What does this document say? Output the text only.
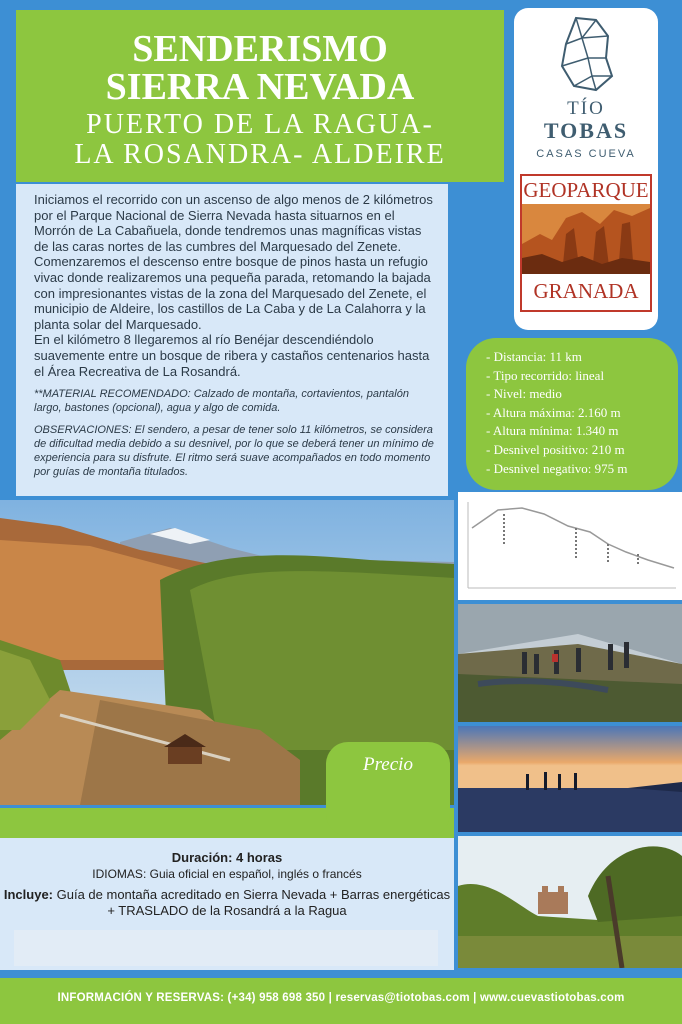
SENDERISMO
SIERRA NEVADA
PUERTO DE LA RAGUA-
LA ROSANDRA- ALDEIRE
TÍO
TOBAS
CASAS CUEVA
GEOPARQUE
GRANADA

Iniciamos el recorrido con un ascenso de algo menos de 2 kilómetros por el Parque Nacional de Sierra Nevada hasta situarnos en el Morrón de La Cabañuela, donde tendremos unas magníficas vistas de las caras nortes de las cumbres del Marquesado del Zenete. Comenzaremos el descenso entre bosque de pinos hasta un refugio vivac donde realizaremos una pequeña parada, retomando la bajada con impresionantes vistas de la zona del Marquesado del Zenete, el municipio de Aldeire, los castillos de La Caba y de La Calahorra y la planta solar del Marquesado.
En el kilómetro 8 llegaremos al río Benéjar descendiéndolo suavemente entre un bosque de ribera y castaños centenarios hasta el Área Recreativa de La Rosandrá.

**MATERIAL RECOMENDADO: Calzado de montaña, cortavientos, pantalón largo, bastones (opcional), agua y algo de comida.

OBSERVACIONES: El sendero, a pesar de tener solo 11 kilómetros, se considera de dificultad media debido a su desnivel, por lo que se deberá tener un mínimo de experiencia para su disfrute. El ritmo será suave acompañados en todo momento por guías de montaña titulados.

- Distancia: 11 km
- Tipo recorrido: lineal
- Nivel: medio
- Altura máxima: 2.160 m
- Altura mínima: 1.340 m
- Desnivel positivo: 210 m
- Desnivel negativo: 975 m
Precio
Duración: 4 horas
IDIOMAS: Guia oficial en español, inglés o francés
Incluye: Guía de montaña acreditado en Sierra Nevada + Barras energéticas + TRASLADO de la Rosandrá a la Ragua
INFORMACIÓN Y RESERVAS: (+34) 958 698 350 | reservas@tiotobas.com | www.cuevastiotobas.com
